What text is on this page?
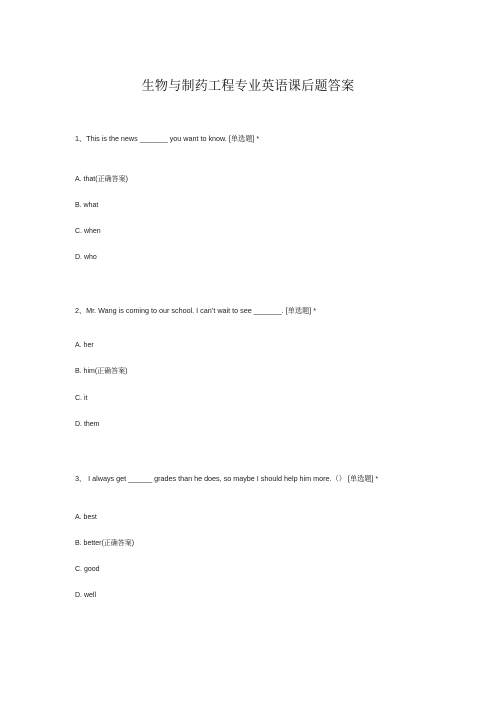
生物与制药工程专业英语课后题答案
1、This is the news _______ you want to know. [单选题] *
A. that(正确答案)
B. what
C. when
D. who
2、Mr. Wang is coming to our school. I can’t wait to see _______. [单选题] *
A. her
B. him(正确答案)
C. it
D. them
3、 I always get ______ grades than he does, so maybe I should help him more.（） [单选题] *
A. best
B. better(正确答案)
C. good
D. well
